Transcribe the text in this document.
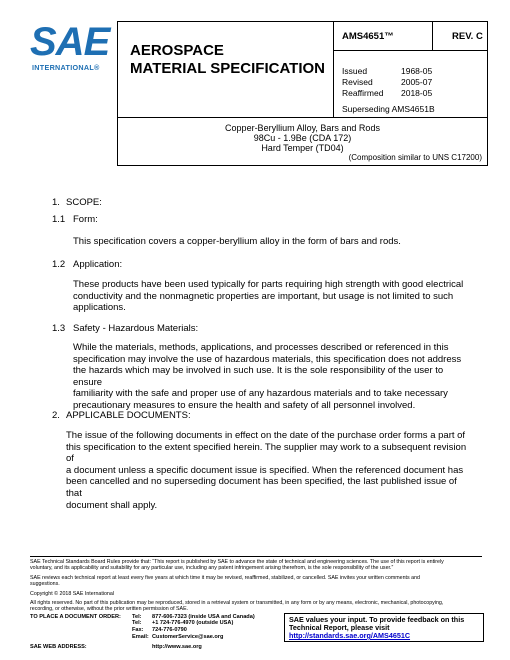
SAE
INTERNATIONAL®
AEROSPACE
MATERIAL SPECIFICATION
AMS4651™	REV. C
Issued	1968-05
Revised	2005-07
Reaffirmed 2018-05
Superseding AMS4651B
Copper-Beryllium Alloy, Bars and Rods
98Cu - 1.9Be (CDA 172)
Hard Temper (TD04)
(Composition similar to UNS C17200)
1. SCOPE:
1.1 Form:
This specification covers a copper-beryllium alloy in the form of bars and rods.
1.2 Application:
These products have been used typically for parts requiring high strength with good electrical
conductivity and the nonmagnetic properties are important, but usage is not limited to such
applications.
1.3 Safety - Hazardous Materials:
While the materials, methods, applications, and processes described or referenced in this
specification may involve the use of hazardous materials, this specification does not address
the hazards which may be involved in such use. It is the sole responsibility of the user to ensure
familiarity with the safe and proper use of any hazardous materials and to take necessary
precautionary measures to ensure the health and safety of all personnel involved.
2. APPLICABLE DOCUMENTS:
The issue of the following documents in effect on the date of the purchase order forms a part of
this specification to the extent specified herein. The supplier may work to a subsequent revision of
a document unless a specific document issue is specified. When the referenced document has
been cancelled and no superseding document has been specified, the last published issue of that
document shall apply.
SAE Technical Standards Board Rules provide that: “This report is published by SAE to advance the state of technical and engineering sciences. The use of this report is entirely
voluntary, and its applicability and suitability for any particular use, including any patent infringement arising therefrom, is the sole responsibility of the user.”
SAE reviews each technical report at least every five years at which time it may be revised, reaffirmed, stabilized, or cancelled. SAE invites your written comments and
suggestions.
Copyright © 2018 SAE International
All rights reserved. No part of this publication may be reproduced, stored in a retrieval system or transmitted, in any form or by any means, electronic, mechanical, photocopying,
recording, or otherwise, without the prior written permission of SAE.
TO PLACE A DOCUMENT ORDER: Tel: 877-606-7323 (inside USA and Canada)
Tel: +1 724-776-4970 (outside USA)
Fax: 724-776-0790
Email: CustomerService@sae.org
SAE WEB ADDRESS:	http://www.sae.org
SAE values your input. To provide feedback on this
Technical Report, please visit
http://standards.sae.org/AMS4651C
